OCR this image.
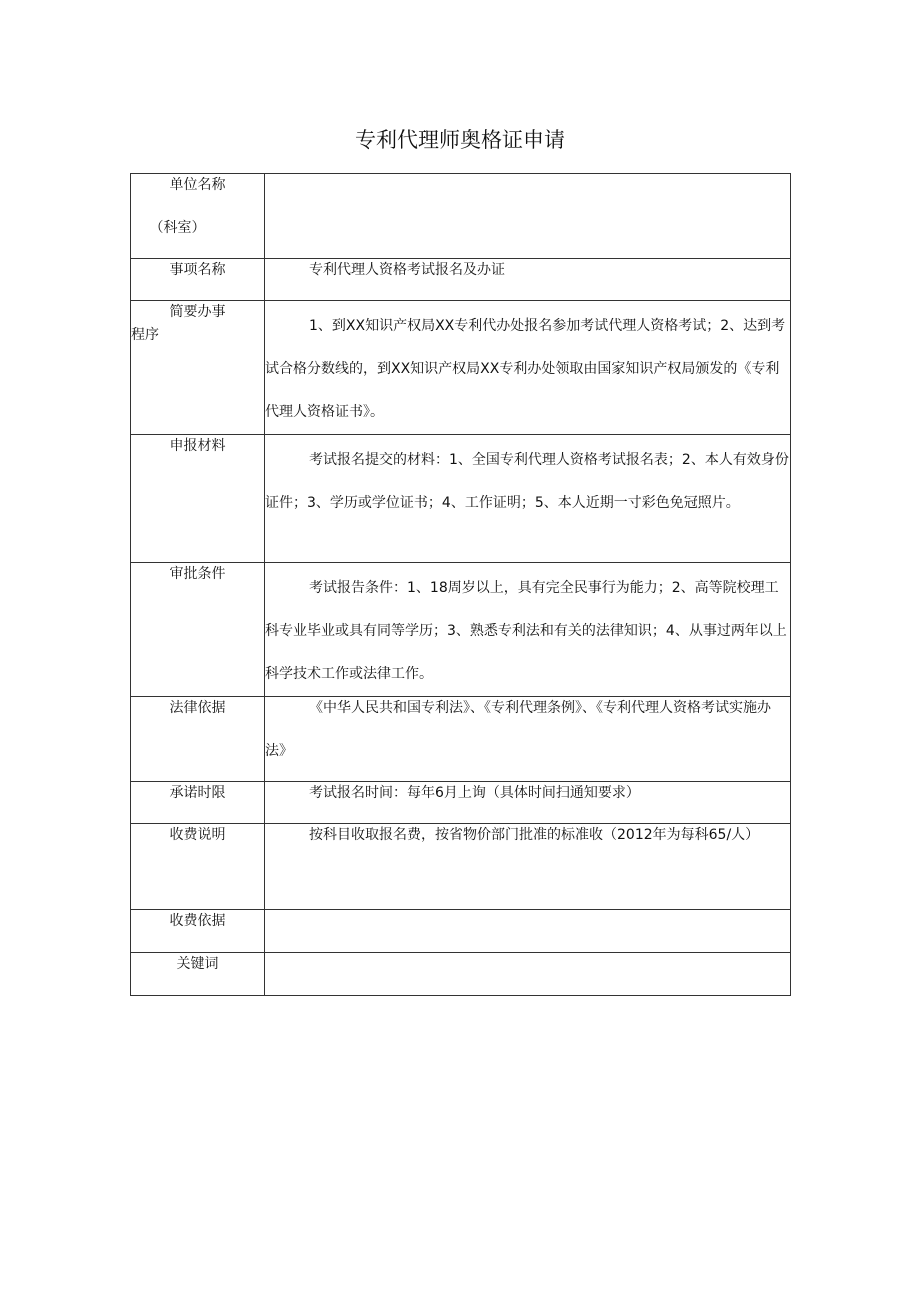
专利代理师奥格证申请
单位名称
（科室）	

事项名称	专利代理人资格考试报名及办证

简要办事
程序	1、到XX知识产权局XX专利代办处报名参加考试代理人资格考试；2、达到考试合格分数线的，到XX知识产权局XX专利办处领取由国家知识产权局颁发的《专利代理人资格证书》。

申报材料	考试报名提交的材料：1、全国专利代理人资格考试报名表；2、本人有效身份证件；3、学历或学位证书；4、工作证明；5、本人近期一寸彩色免冠照片。

审批条件	考试报告条件：1、18周岁以上，具有完全民事行为能力；2、高等院校理工科专业毕业或具有同等学历；3、熟悉专利法和有关的法律知识；4、从事过两年以上科学技术工作或法律工作。

法律依据	《中华人民共和国专利法》、《专利代理条例》、《专利代理人资格考试实施办法》

承诺时限	考试报名时间：每年6月上询（具体时间扫通知要求）

收费说明	按科目收取报名费，按省物价部门批准的标准收（2012年为每科65/人）

收费依据	

关键词	
